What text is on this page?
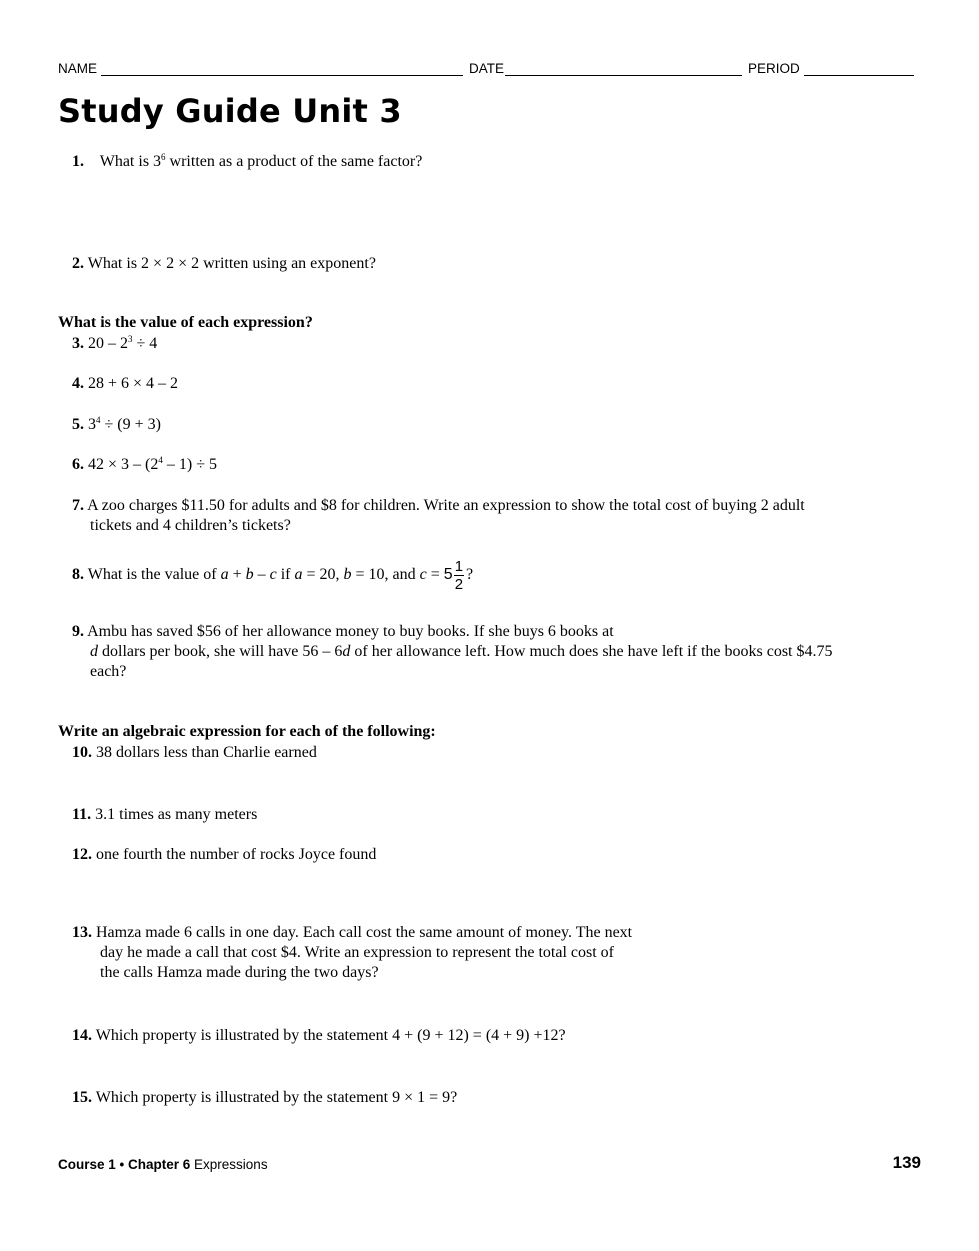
NAME	DATE	PERIOD
Study Guide Unit 3
1. What is $3^6$ written as a product of the same factor?
2. What is 2 × 2 × 2 written using an exponent?
What is the value of each expression?
3. $20 - 2^3 \div 4$
4. 28 + 6 × 4 – 2
5. $3^4 \div (9 + 3)$
6. $42 \times 3 - (2^4 - 1) \div 5$
7. A zoo charges $11.50 for adults and $8 for children. Write an expression to show the total cost of buying 2 adult
tickets and 4 children’s tickets?
8. What is the value of a + b – c if a = 20, b = 10, and $c = 5 \frac{1}{2}$ ?
9. Ambu has saved $56 of her allowance money to buy books. If she buys 6 books at
d dollars per book, she will have 56 – 6d of her allowance left. How much does she have left if the books cost $4.75
each?
Write an algebraic expression for each of the following:
10. 38 dollars less than Charlie earned
11. 3.1 times as many meters
12. one fourth the number of rocks Joyce found
13. Hamza made 6 calls in one day. Each call cost the same amount of money. The next
day he made a call that cost $4. Write an expression to represent the total cost of
the calls Hamza made during the two days?
14. Which property is illustrated by the statement 4 + (9 + 12) = (4 + 9) +12?
15. Which property is illustrated by the statement 9 × 1 = 9?
Course 1 • Chapter 6 Expressions	139
